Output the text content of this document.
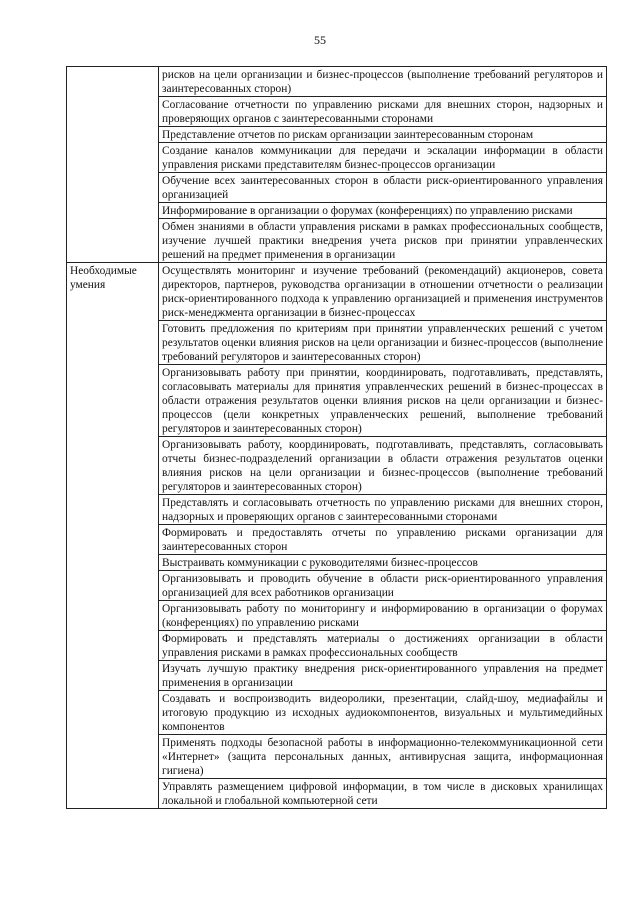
55
	рисков на цели организации и бизнес-процессов (выполнение требований регуляторов и заинтересованных сторон)
	Согласование отчетности по управлению рисками для внешних сторон, надзорных и проверяющих органов с заинтересованными сторонами
	Представление отчетов по рискам организации заинтересованным сторонам
	Создание каналов коммуникации для передачи и эскалации информации в области управления рисками представителям бизнес-процессов организации
	Обучение всех заинтересованных сторон в области риск-ориентированного управления организацией
	Информирование в организации о форумах (конференциях) по управлению рисками
	Обмен знаниями в области управления рисками в рамках профессиональных сообществ, изучение лучшей практики внедрения учета рисков при принятии управленческих решений на предмет применения в организации
Необходимые умения	Осуществлять мониторинг и изучение требований (рекомендаций) акционеров, совета директоров, партнеров, руководства организации в отношении отчетности о реализации риск-ориентированного подхода к управлению организацией и применения инструментов риск-менеджмента организации в бизнес-процессах
	Готовить предложения по критериям при принятии управленческих решений с учетом результатов оценки влияния рисков на цели организации и бизнес-процессов (выполнение требований регуляторов и заинтересованных сторон)
	Организовывать работу при принятии, координировать, подготавливать, представлять, согласовывать материалы для принятия управленческих решений в бизнес-процессах в области отражения результатов оценки влияния рисков на цели организации и бизнес-процессов (цели конкретных управленческих решений, выполнение требований регуляторов и заинтересованных сторон)
	Организовывать работу, координировать, подготавливать, представлять, согласовывать отчеты бизнес-подразделений организации в области отражения результатов оценки влияния рисков на цели организации и бизнес-процессов (выполнение требований регуляторов и заинтересованных сторон)
	Представлять и согласовывать отчетность по управлению рисками для внешних сторон, надзорных и проверяющих органов с заинтересованными сторонами
	Формировать и предоставлять отчеты по управлению рисками организации для заинтересованных сторон
	Выстраивать коммуникации с руководителями бизнес-процессов
	Организовывать и проводить обучение в области риск-ориентированного управления организацией для всех работников организации
	Организовывать работу по мониторингу и информированию в организации о форумах (конференциях) по управлению рисками
	Формировать и представлять материалы о достижениях организации в области управления рисками в рамках профессиональных сообществ
	Изучать лучшую практику внедрения риск-ориентированного управления на предмет применения в организации
	Создавать и воспроизводить видеоролики, презентации, слайд-шоу, медиафайлы и итоговую продукцию из исходных аудиокомпонентов, визуальных и мультимедийных компонентов
	Применять подходы безопасной работы в информационно-телекоммуникационной сети «Интернет» (защита персональных данных, антивирусная защита, информационная гигиена)
	Управлять размещением цифровой информации, в том числе в дисковых хранилищах локальной и глобальной компьютерной сети
